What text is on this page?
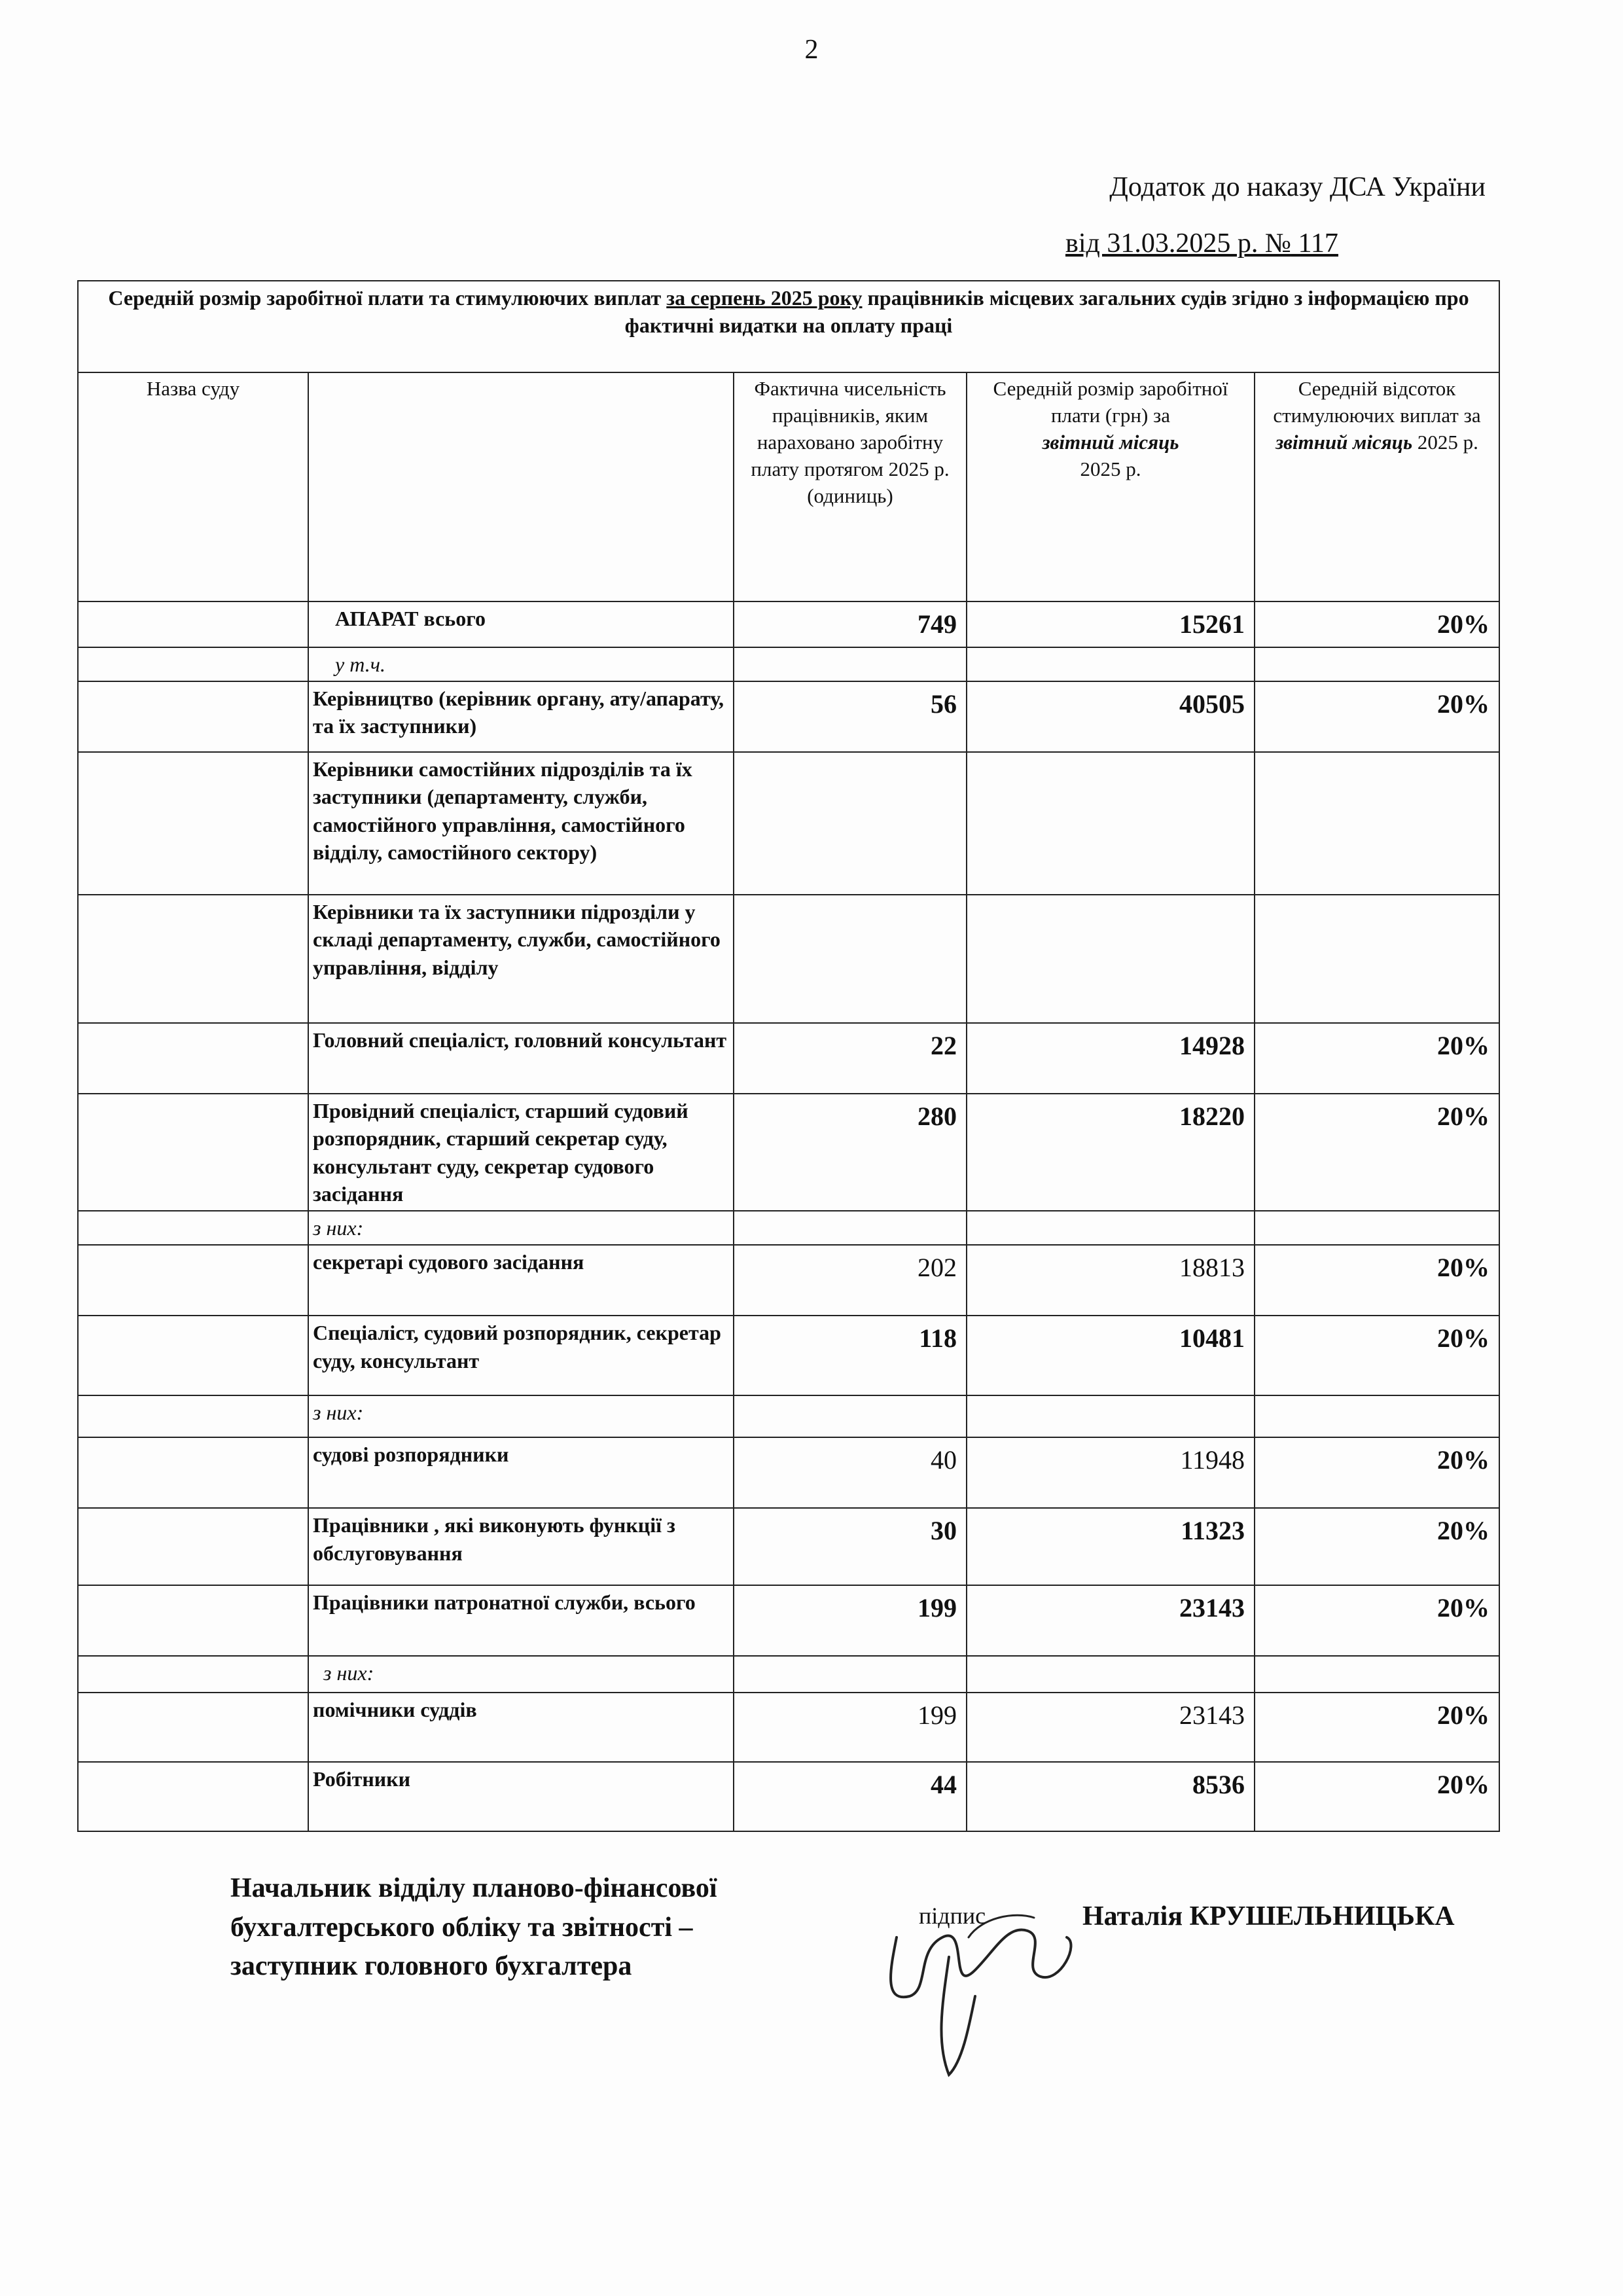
2
Додаток до наказу ДСА України
від 31.03.2025 р. № 117
Середній розмір заробітної плати та стимулюючих виплат за серпень 2025 року працівників місцевих загальних судів згідно з інформацією про фактичні видатки на оплату праці				
Назва суду		Фактична чисельність працівників, яким нараховано заробітну плату протягом 2025 р. (одиниць)	Середній розмір заробітної плати (грн) за
звітний місяць
2025 р.	Середній відсоток стимулюючих виплат за звітний місяць 2025 р.
	АПАРАТ всього	749	15261	20%
	у т.ч.			
	Керівництво (керівник органу, ату/апарату, та їх заступники)	56	40505	20%
	Керівники самостійних підрозділів та їх заступники (департаменту, служби, самостійного управління, самостійного відділу, самостійного сектору)			
	Керівники та їх заступники підрозділи у складі департаменту, служби, самостійного управління, відділу			
	Головний спеціаліст, головний консультант	22	14928	20%
	Провідний спеціаліст, старший судовий розпорядник, старший секретар суду, консультант суду, секретар судового засідання	280	18220	20%
	з них:			
	секретарі судового засідання	202	18813	20%
	Спеціаліст, судовий розпорядник, секретар суду, консультант	118	10481	20%
	з них:			
	судові розпорядники	40	11948	20%
	Працівники , які виконують функції з обслуговування	30	11323	20%
	Працівники патронатної служби, всього	199	23143	20%
	з них:			
	помічники суддів	199	23143	20%
	Робітники	44	8536	20%
Начальник відділу планово-фінансової
бухгалтерського обліку та звітності –
заступник головного бухгалтера
підпис	Наталія КРУШЕЛЬНИЦЬКА
